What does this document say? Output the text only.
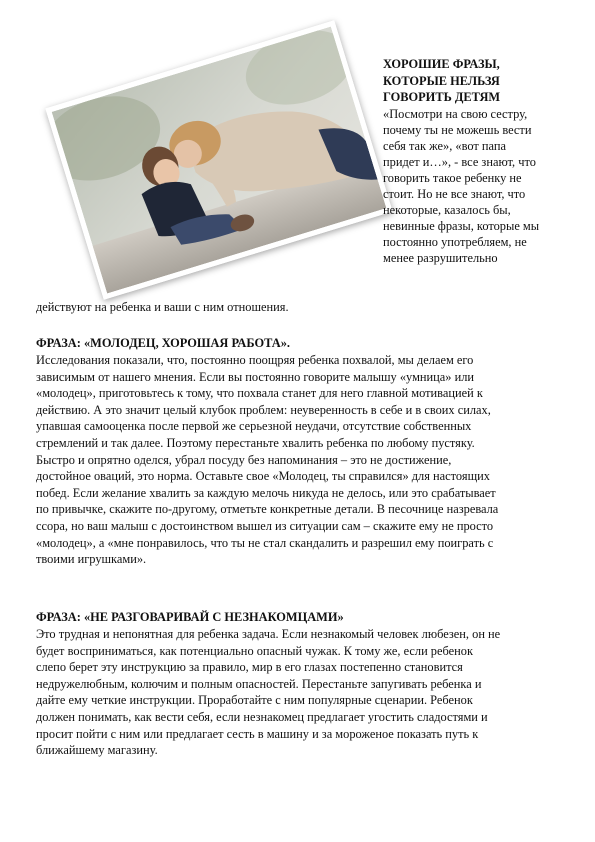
ХОРОШИЕ ФРАЗЫ,
КОТОРЫЕ НЕЛЬЗЯ
ГОВОРИТЬ ДЕТЯМ

«Посмотри на свою сестру,
почему ты не можешь вести
себя так же», «вот папа
придет и…», - все знают, что
говорить такое ребенку не
стоит. Но не все знают, что
некоторые, казалось бы,
невинные фразы, которые мы
постоянно употребляем, не
менее разрушительно

действуют на ребенка и ваши с ним отношения.

ФРАЗА: «МОЛОДЕЦ, ХОРОШАЯ РАБОТА».

Исследования показали, что, постоянно поощряя ребенка похвалой, мы делаем его
зависимым от нашего мнения. Если вы постоянно говорите малышу «умница» или
«молодец», приготовьтесь к тому, что похвала станет для него главной мотивацией к
действию. А это значит целый клубок проблем: неуверенность в себе и в своих силах,
упавшая самооценка после первой же серьезной неудачи, отсутствие собственных
стремлений и так далее. Поэтому перестаньте хвалить ребенка по любому пустяку.
Быстро и опрятно оделся, убрал посуду без напоминания – это не достижение,
достойное оваций, это норма. Оставьте свое «Молодец, ты справился» для настоящих
побед. Если желание хвалить за каждую мелочь никуда не делось, или это срабатывает
по привычке, скажите по-другому, отметьте конкретные детали. В песочнице назревала
ссора, но ваш малыш с достоинством вышел из ситуации сам – скажите ему не просто
«молодец», а «мне понравилось, что ты не стал скандалить и разрешил ему поиграть с
твоими игрушками».

ФРАЗА: «НЕ РАЗГОВАРИВАЙ С НЕЗНАКОМЦАМИ»

Это трудная и непонятная для ребенка задача. Если незнакомый человек любезен, он не
будет восприниматься, как потенциально опасный чужак. К тому же, если ребенок
слепо берет эту инструкцию за правило, мир в его глазах постепенно становится
недружелюбным, колючим и полным опасностей. Перестаньте запугивать ребенка и
дайте ему четкие инструкции. Проработайте с ним популярные сценарии. Ребенок
должен понимать, как вести себя, если незнакомец предлагает угостить сладостями и
просит пойти с ним или предлагает сесть в машину и за мороженое показать путь к
ближайшему магазину.
